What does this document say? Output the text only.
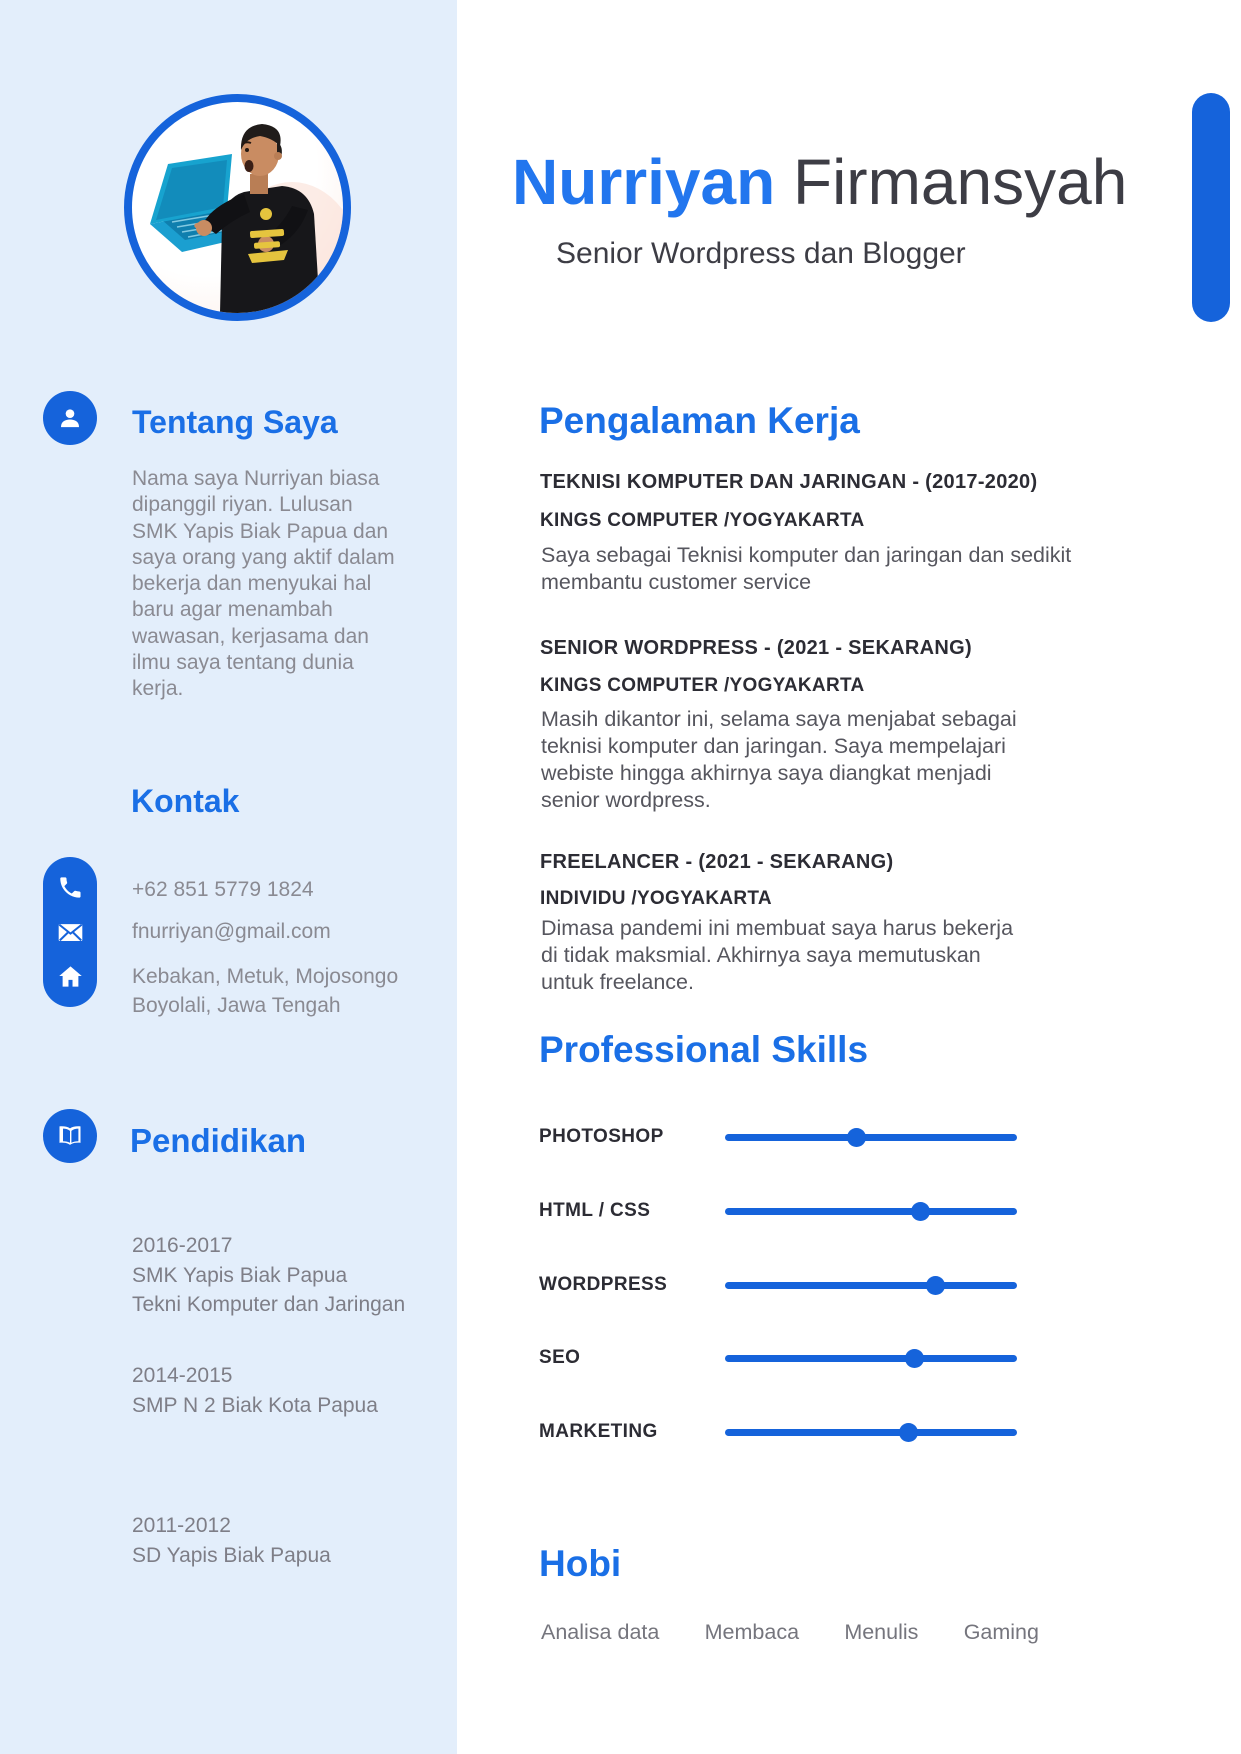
Nurriyan Firmansyah
Senior Wordpress dan Blogger
Tentang Saya
Nama saya Nurriyan biasa dipanggil riyan. Lulusan SMK Yapis Biak Papua dan saya orang yang aktif dalam bekerja dan menyukai hal baru agar menambah wawasan, kerjasama dan ilmu saya tentang dunia kerja.
Kontak
+62 851 5779 1824
fnurriyan@gmail.com
Kebakan, Metuk, Mojosongo Boyolali, Jawa Tengah
Pendidikan
2016-2017
SMK Yapis Biak Papua
Tekni Komputer dan Jaringan
2014-2015
SMP N 2 Biak Kota Papua
2011-2012
SD Yapis Biak Papua
Pengalaman Kerja
TEKNISI KOMPUTER DAN JARINGAN - (2017-2020)
KINGS COMPUTER /YOGYAKARTA
Saya sebagai Teknisi komputer dan jaringan dan sedikit membantu customer service
SENIOR WORDPRESS - (2021 - SEKARANG)
KINGS COMPUTER /YOGYAKARTA
Masih dikantor ini, selama saya menjabat sebagai teknisi komputer dan jaringan. Saya mempelajari webiste hingga akhirnya saya diangkat menjadi senior wordpress.
FREELANCER - (2021 - SEKARANG)
INDIVIDU /YOGYAKARTA
Dimasa pandemi ini membuat saya harus bekerja di tidak maksmial. Akhirnya saya memutuskan untuk freelance.
Professional Skills
PHOTOSHOP
HTML / CSS
WORDPRESS
SEO
MARKETING
Hobi
Analisa data Membaca Menulis Gaming
